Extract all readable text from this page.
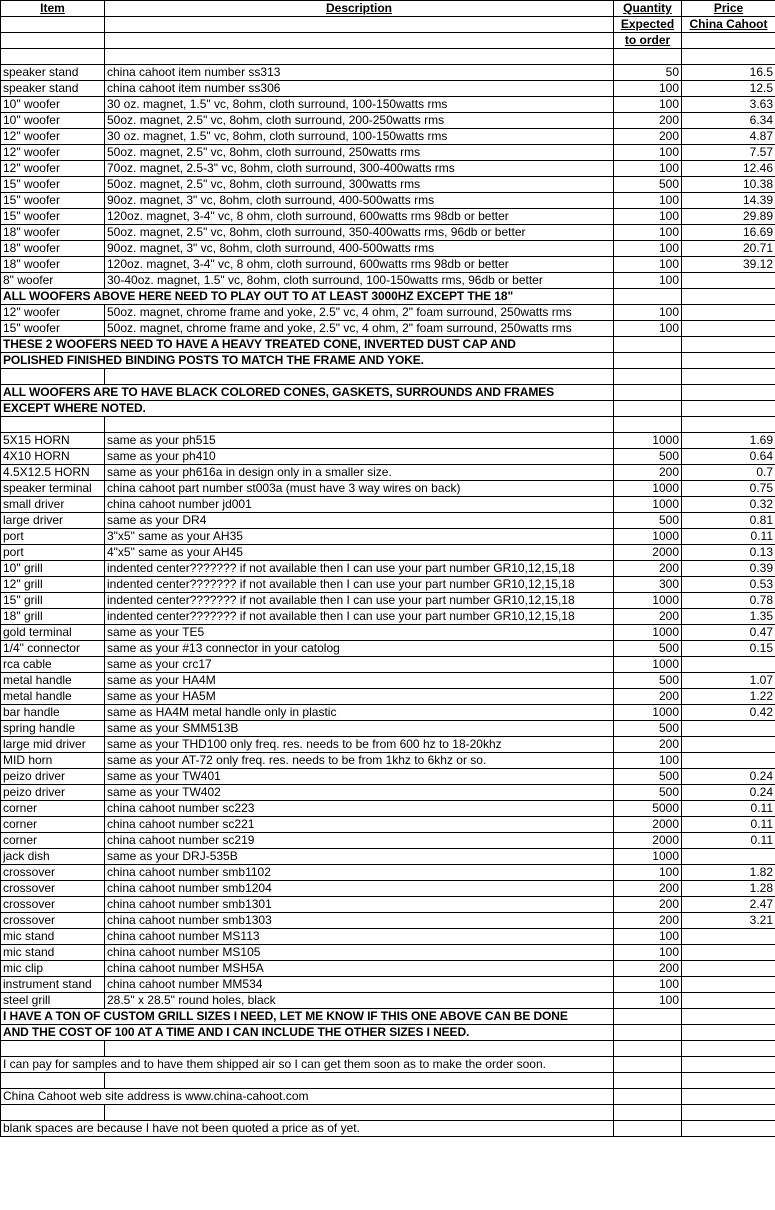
Item	Description	Quantity	Price
		Expected	China Cahoot
		to order	

speaker stand	china cahoot item number ss313	50	16.5
speaker stand	china cahoot item number ss306	100	12.5
10" woofer	30 oz. magnet, 1.5" vc, 8ohm, cloth surround, 100-150watts rms	100	3.63
10" woofer	50oz. magnet, 2.5" vc, 8ohm, cloth surround, 200-250watts rms	200	6.34
12" woofer	30 oz. magnet, 1.5" vc, 8ohm, cloth surround, 100-150watts rms	200	4.87
12" woofer	50oz. magnet, 2.5" vc, 8ohm, cloth surround, 250watts rms	100	7.57
12" woofer	70oz. magnet, 2.5-3" vc, 8ohm, cloth surround, 300-400watts rms	100	12.46
15" woofer	50oz. magnet, 2.5" vc, 8ohm, cloth surround, 300watts rms	500	10.38
15" woofer	90oz. magnet, 3" vc, 8ohm, cloth surround, 400-500watts rms	100	14.39
15" woofer	120oz. magnet, 3-4" vc, 8 ohm, cloth surround, 600watts rms 98db or better	100	29.89
18" woofer	50oz. magnet, 2.5" vc, 8ohm, cloth surround, 350-400watts rms, 96db or better	100	16.69
18" woofer	90oz. magnet, 3" vc, 8ohm, cloth surround, 400-500watts rms	100	20.71
18" woofer	120oz. magnet, 3-4" vc, 8 ohm, cloth surround, 600watts rms 98db or better	100	39.12
8" woofer	30-40oz. magnet, 1.5" vc, 8ohm, cloth surround, 100-150watts rms, 96db or better	100	
ALL WOOFERS ABOVE HERE NEED TO PLAY OUT TO AT LEAST 3000HZ EXCEPT THE 18"			
12" woofer	50oz. magnet, chrome frame and yoke, 2.5" vc, 4 ohm, 2" foam surround, 250watts rms	100	
15" woofer	50oz. magnet, chrome frame and yoke, 2.5" vc, 4 ohm, 2" foam surround, 250watts rms	100	
THESE 2 WOOFERS NEED TO HAVE A HEAVY TREATED CONE, INVERTED DUST CAP AND			
POLISHED FINISHED BINDING POSTS TO MATCH THE FRAME AND YOKE.			

ALL WOOFERS ARE TO HAVE BLACK COLORED CONES, GASKETS, SURROUNDS AND FRAMES			
EXCEPT WHERE NOTED.			

5X15 HORN	same as your ph515	1000	1.69
4X10 HORN	same as your ph410	500	0.64
4.5X12.5 HORN	same as your ph616a in design only in a smaller size.	200	0.7
speaker terminal	china cahoot part number st003a (must have 3 way wires on back)	1000	0.75
small driver	china cahoot number jd001	1000	0.32
large driver	same as your DR4	500	0.81
port	3"x5" same as your AH35	1000	0.11
port	4"x5" same as your AH45	2000	0.13
10" grill	indented center??????? if not available then I can use your part number GR10,12,15,18	200	0.39
12" grill	indented center??????? if not available then I can use your part number GR10,12,15,18	300	0.53
15" grill	indented center??????? if not available then I can use your part number GR10,12,15,18	1000	0.78
18" grill	indented center??????? if not available then I can use your part number GR10,12,15,18	200	1.35
gold terminal	same as your TE5	1000	0.47
1/4" connector	same as your #13 connector in your catolog	500	0.15
rca cable	same as your crc17	1000	
metal handle	same as your HA4M	500	1.07
metal handle	same as your HA5M	200	1.22
bar handle	same as HA4M metal handle only in plastic	1000	0.42
spring handle	same as your SMM513B	500	
large mid driver	same as your THD100 only freq. res. needs to be from 600 hz to 18-20khz	200	
MID horn	same as your AT-72 only freq. res. needs to be from 1khz to 6khz or so.	100	
peizo driver	same as your TW401	500	0.24
peizo driver	same as your TW402	500	0.24
corner	china cahoot number sc223	5000	0.11
corner	china cahoot number sc221	2000	0.11
corner	china cahoot number sc219	2000	0.11
jack dish	same as your DRJ-535B	1000	
crossover	china cahoot number smb1102	100	1.82
crossover	china cahoot number smb1204	200	1.28
crossover	china cahoot number smb1301	200	2.47
crossover	china cahoot number smb1303	200	3.21
mic stand	china cahoot number MS113	100	
mic stand	china cahoot number MS105	100	
mic clip	china cahoot number MSH5A	200	
instrument stand	china cahoot number MM534	100	
steel grill	28.5" x 28.5" round holes, black	100	
I HAVE A TON OF CUSTOM GRILL SIZES I NEED, LET ME KNOW IF THIS ONE ABOVE CAN BE DONE			
AND THE COST OF 100 AT A TIME AND I CAN INCLUDE THE OTHER SIZES I NEED.			

I can pay for samples and to have them shipped air so I can get them soon as to make the order soon.			

China Cahoot web site address is www.china-cahoot.com			

blank spaces are because I have not been quoted a price as of yet.			
